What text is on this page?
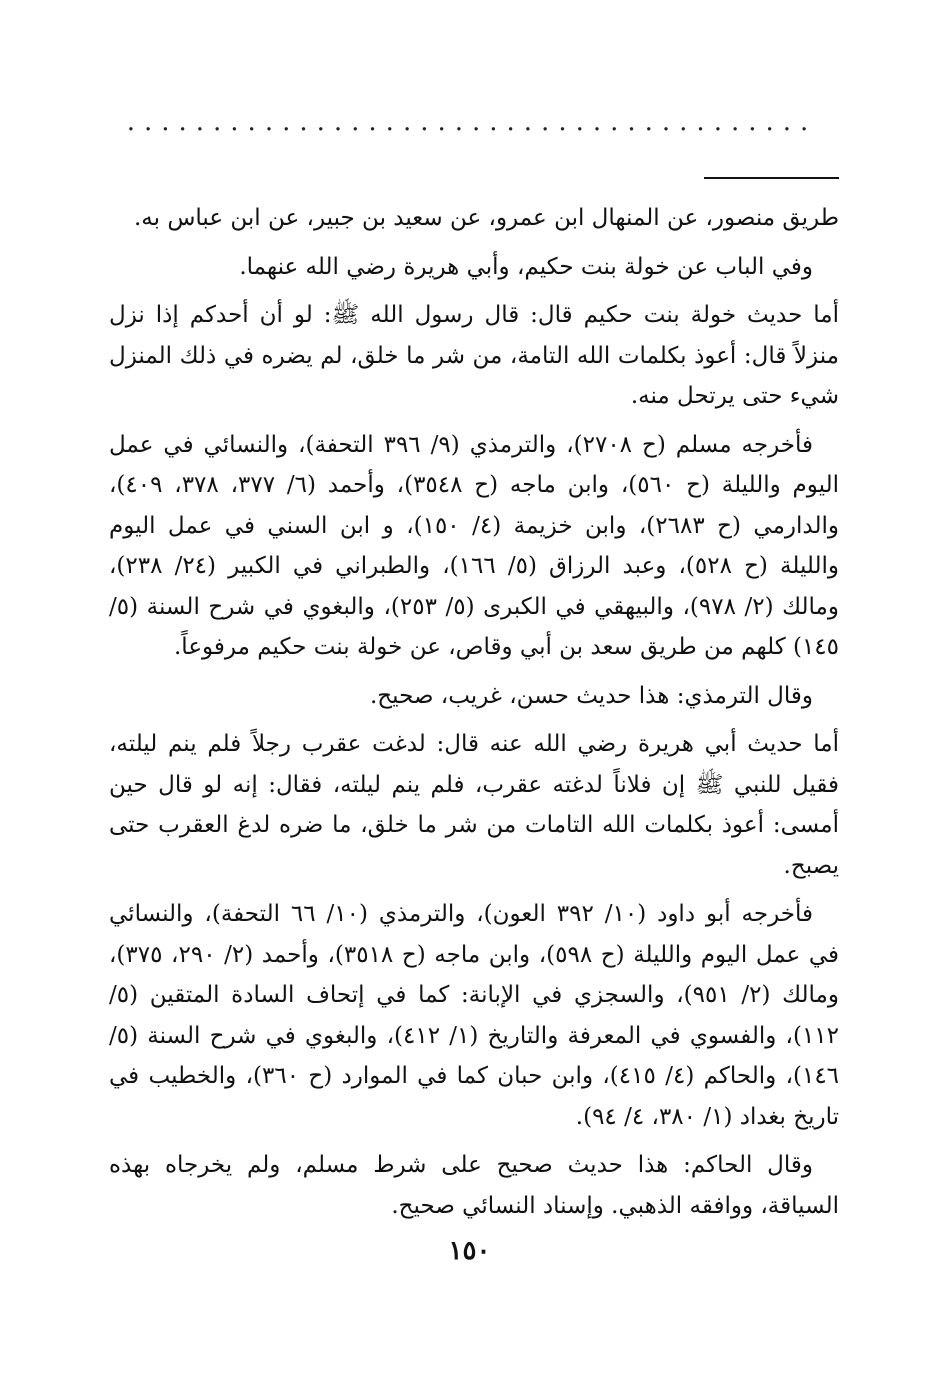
........................................

طريق منصور، عن المنهال ابن عمرو، عن سعيد بن جبير، عن ابن عباس به.

وفي الباب عن خولة بنت حكيم، وأبي هريرة رضي الله عنهما.

أما حديث خولة بنت حكيم قال: قال رسول الله ﷺ: لو أن أحدكم إذا نزل منزلاً قال: أعوذ بكلمات الله التامة، من شر ما خلق، لم يضره في ذلك المنزل شيء حتى يرتحل منه.

فأخرجه مسلم (ح ٢٧٠٨)، والترمذي (٩/ ٣٩٦ التحفة)، والنسائي في عمل اليوم والليلة (ح ٥٦٠)، وابن ماجه (ح ٣٥٤٨)، وأحمد (٦/ ٣٧٧، ٣٧٨، ٤٠٩)، والدارمي (ح ٢٦٨٣)، وابن خزيمة (٤/ ١٥٠)، و ابن السني في عمل اليوم والليلة (ح ٥٢٨)، وعبد الرزاق (٥/ ١٦٦)، والطبراني في الكبير (٢٤/ ٢٣٨)، ومالك (٢/ ٩٧٨)، والبيهقي في الكبرى (٥/ ٢٥٣)، والبغوي في شرح السنة (٥/ ١٤٥) كلهم من طريق سعد بن أبي وقاص، عن خولة بنت حكيم مرفوعاً.

وقال الترمذي: هذا حديث حسن، غريب، صحيح.

أما حديث أبي هريرة رضي الله عنه قال: لدغت عقرب رجلاً فلم ينم ليلته، فقيل للنبي ﷺ إن فلاناً لدغته عقرب، فلم ينم ليلته، فقال: إنه لو قال حين أمسى: أعوذ بكلمات الله التامات من شر ما خلق، ما ضره لدغ العقرب حتى يصبح.

فأخرجه أبو داود (١٠/ ٣٩٢ العون)، والترمذي (١٠/ ٦٦ التحفة)، والنسائي في عمل اليوم والليلة (ح ٥٩٨)، وابن ماجه (ح ٣٥١٨)، وأحمد (٢/ ٢٩٠، ٣٧٥)، ومالك (٢/ ٩٥١)، والسجزي في الإبانة: كما في إتحاف السادة المتقين (٥/ ١١٢)، والفسوي في المعرفة والتاريخ (١/ ٤١٢)، والبغوي في شرح السنة (٥/ ١٤٦)، والحاكم (٤/ ٤١٥)، وابن حبان كما في الموارد (ح ٣٦٠)، والخطيب في تاريخ بغداد (١/ ٣٨٠، ٤/ ٩٤).

وقال الحاكم: هذا حديث صحيح على شرط مسلم، ولم يخرجاه بهذه السياقة، ووافقه الذهبي. وإسناد النسائي صحيح.

١٥٠
